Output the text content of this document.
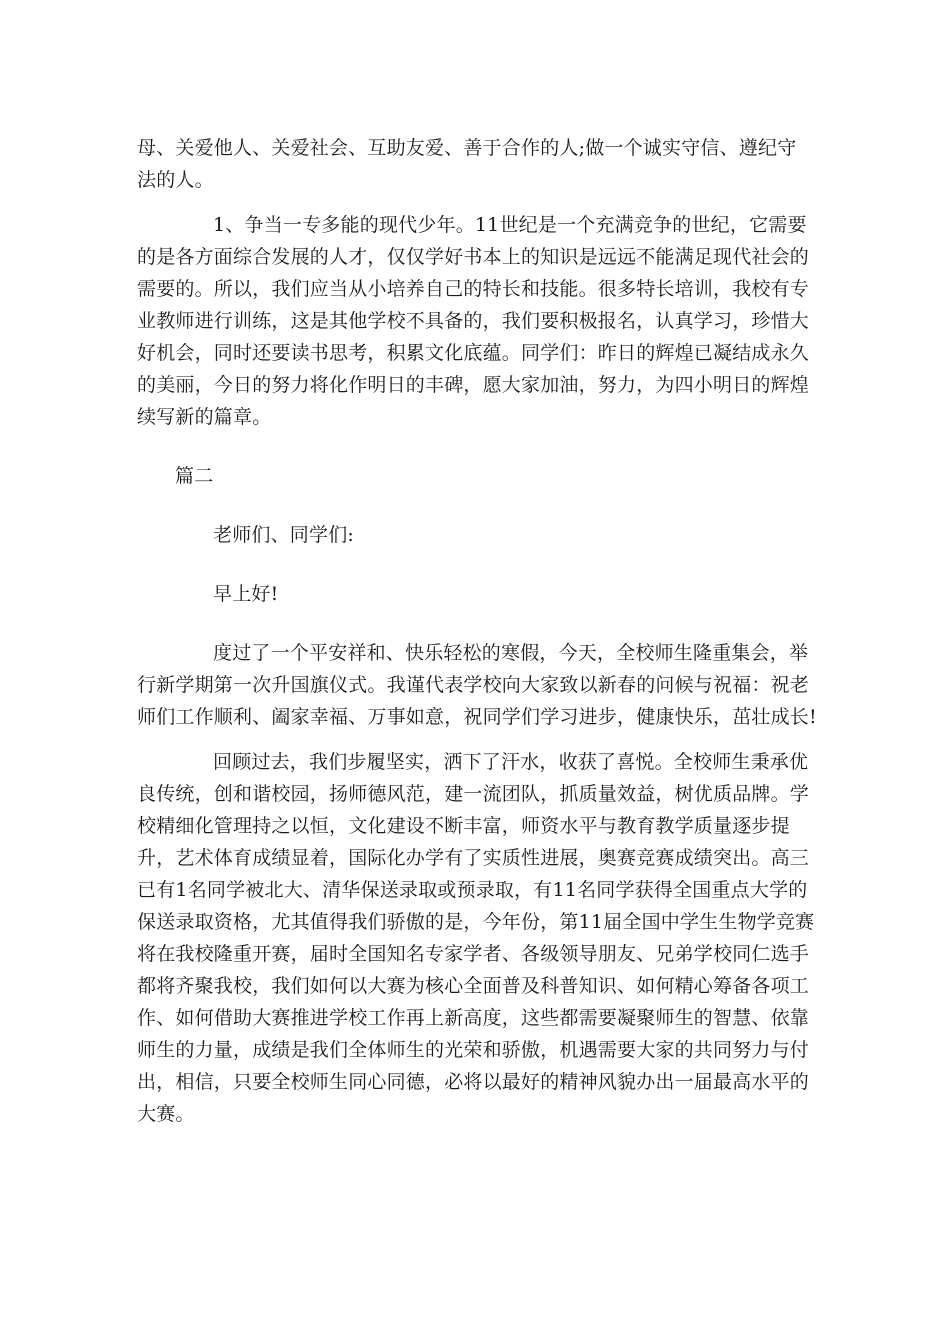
母、关爱他人、关爱社会、互助友爱、善于合作的人;做一个诚实守信、遵纪守
法的人。

1、争当一专多能的现代少年。11世纪是一个充满竞争的世纪，它需要
的是各方面综合发展的人才，仅仅学好书本上的知识是远远不能满足现代社会的
需要的。所以，我们应当从小培养自己的特长和技能。很多特长培训，我校有专
业教师进行训练，这是其他学校不具备的，我们要积极报名，认真学习，珍惜大
好机会，同时还要读书思考，积累文化底蕴。同学们：昨日的辉煌已凝结成永久
的美丽，今日的努力将化作明日的丰碑，愿大家加油，努力，为四小明日的辉煌
续写新的篇章。

篇二

老师们、同学们:

早上好!

度过了一个平安祥和、快乐轻松的寒假，今天，全校师生隆重集会，举
行新学期第一次升国旗仪式。我谨代表学校向大家致以新春的问候与祝福：祝老
师们工作顺利、阖家幸福、万事如意，祝同学们学习进步，健康快乐，茁壮成长!

回顾过去，我们步履坚实，洒下了汗水，收获了喜悦。全校师生秉承优
良传统，创和谐校园，扬师德风范，建一流团队，抓质量效益，树优质品牌。学
校精细化管理持之以恒，文化建设不断丰富，师资水平与教育教学质量逐步提
升，艺术体育成绩显着，国际化办学有了实质性进展，奥赛竞赛成绩突出。高三
已有1名同学被北大、清华保送录取或预录取，有11名同学获得全国重点大学的
保送录取资格，尤其值得我们骄傲的是，今年份，第11届全国中学生生物学竞赛
将在我校隆重开赛，届时全国知名专家学者、各级领导朋友、兄弟学校同仁选手
都将齐聚我校，我们如何以大赛为核心全面普及科普知识、如何精心筹备各项工
作、如何借助大赛推进学校工作再上新高度，这些都需要凝聚师生的智慧、依靠
师生的力量，成绩是我们全体师生的光荣和骄傲，机遇需要大家的共同努力与付
出，相信，只要全校师生同心同德，必将以最好的精神风貌办出一届最高水平的
大赛。
